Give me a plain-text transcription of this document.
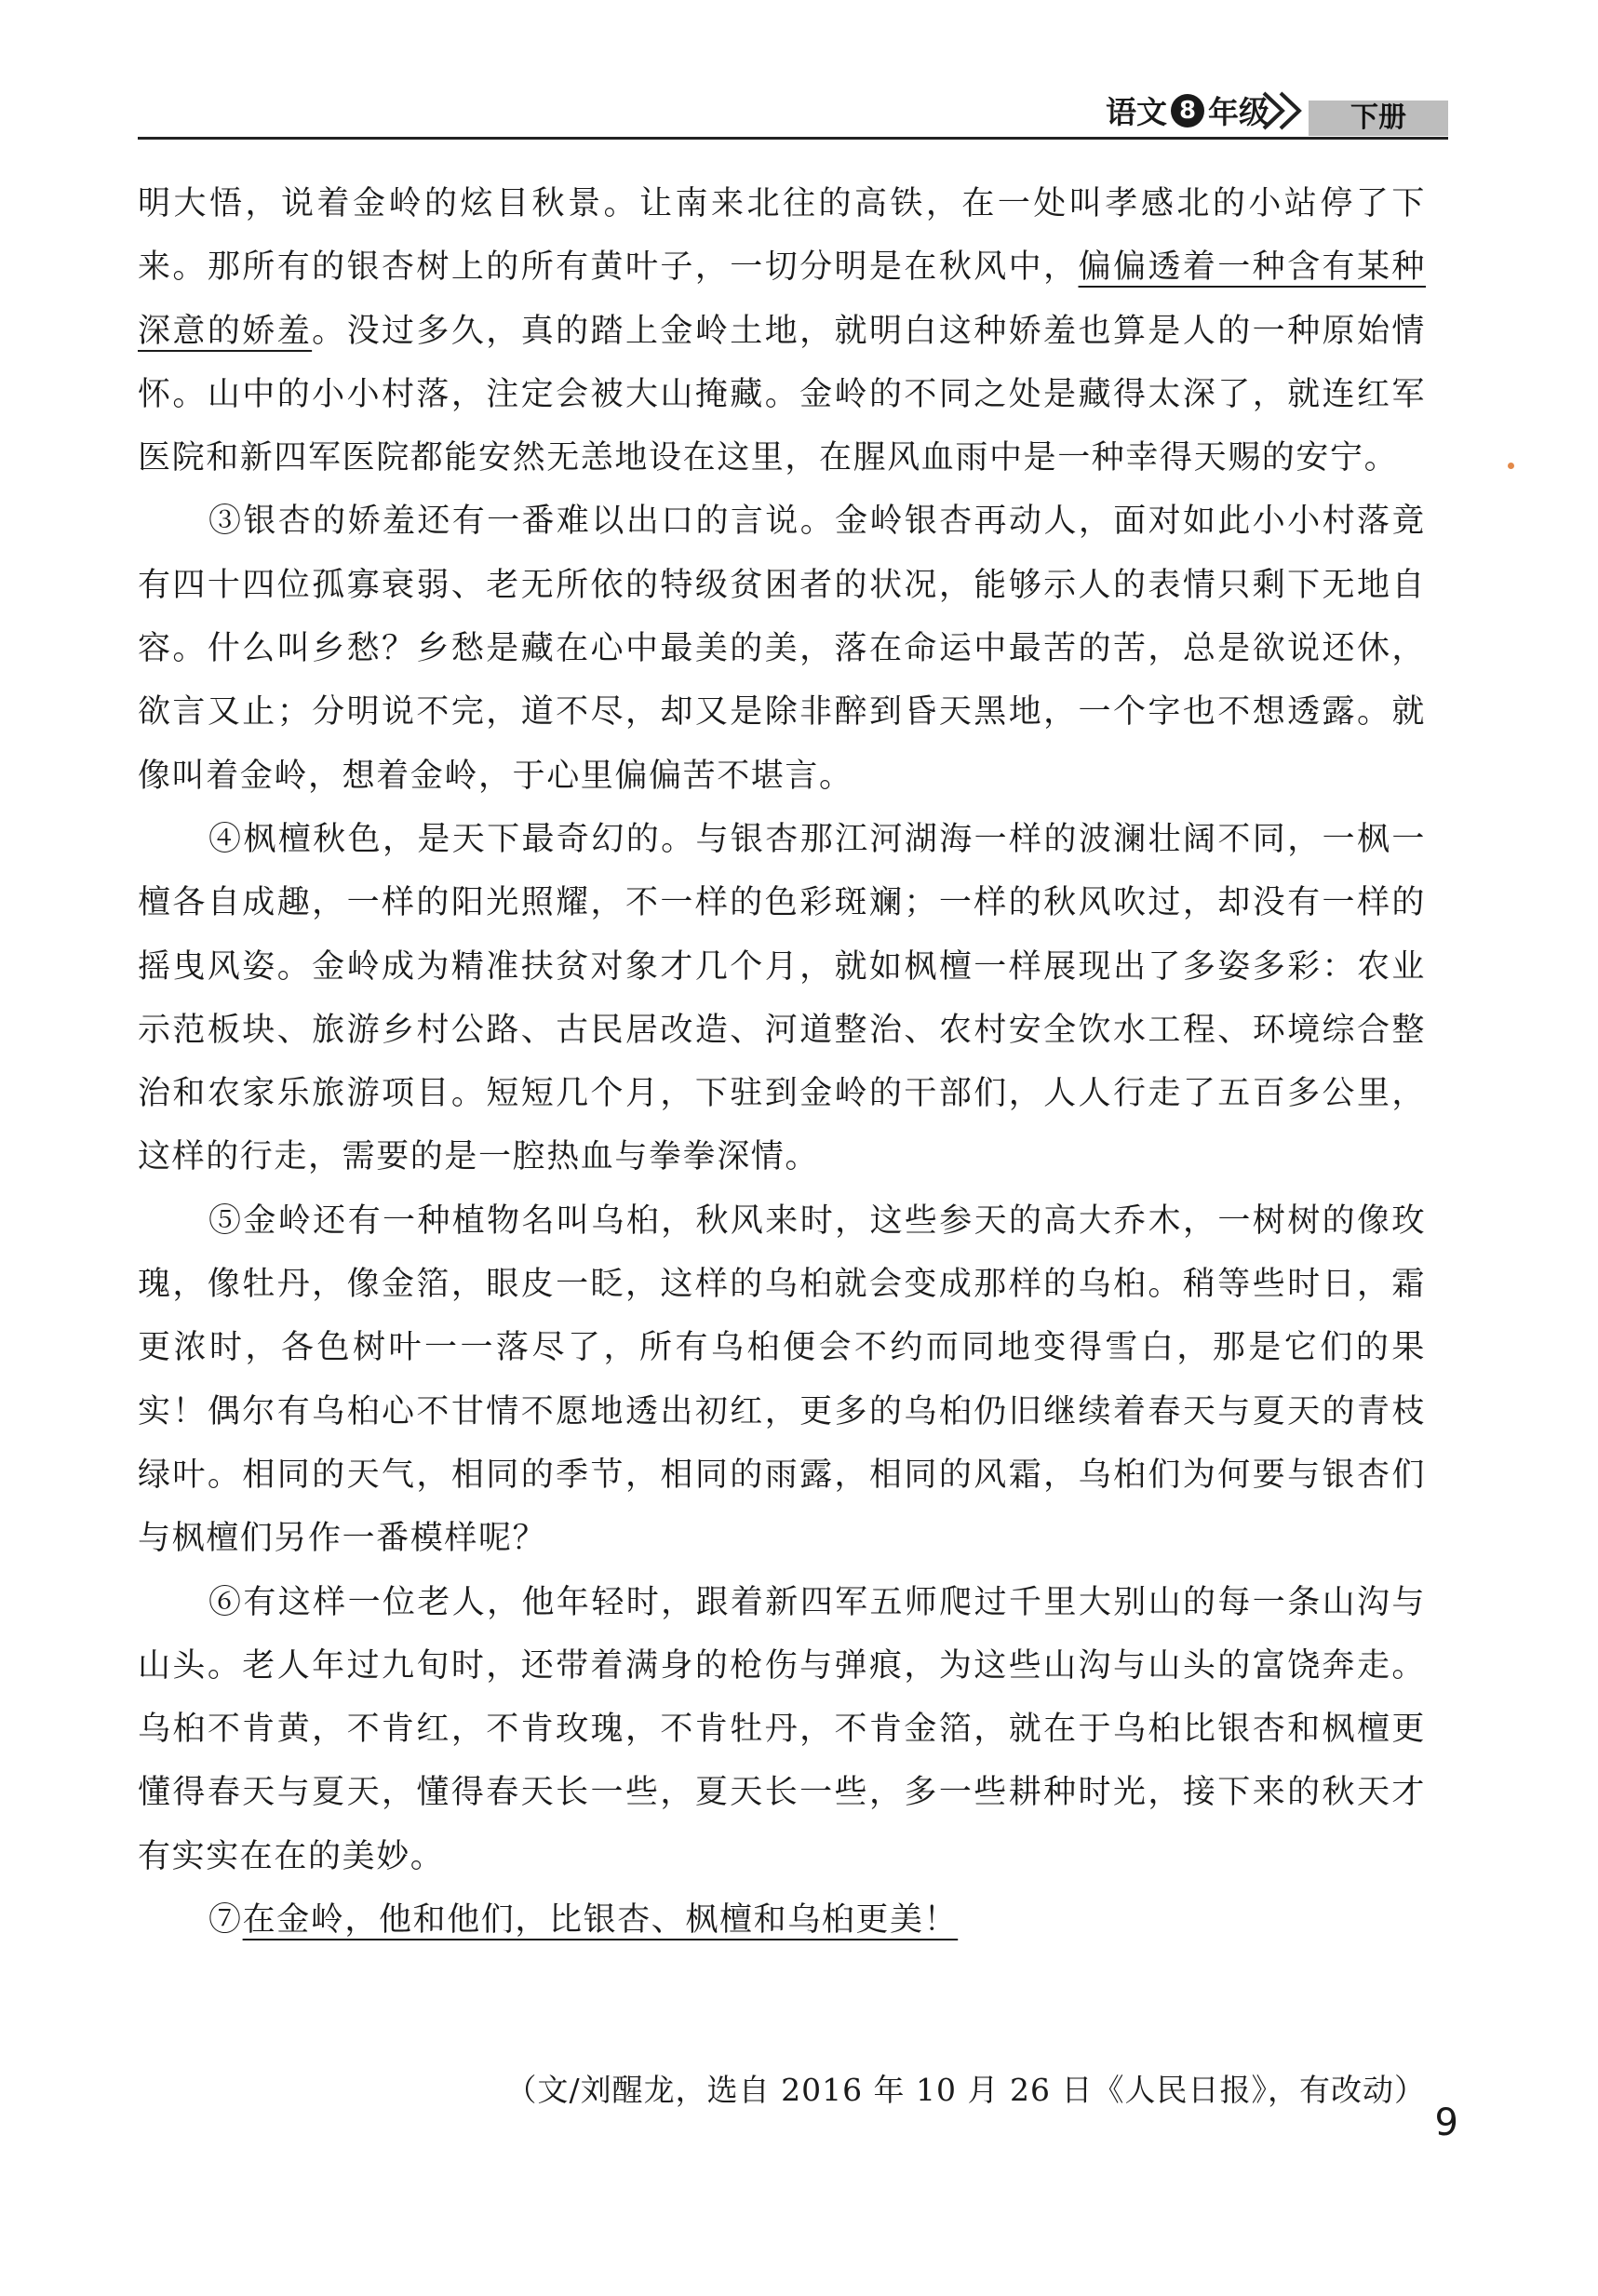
语文 8 年级	下册

明大悟，说着金岭的炫目秋景。让南来北往的高铁，在一处叫孝感北的小站停了下来。那所有的银杏树上的所有黄叶子，一切分明是在秋风中，偏偏透着一种含有某种深意的娇羞。没过多久，真的踏上金岭土地，就明白这种娇羞也算是人的一种原始情怀。山中的小小村落，注定会被大山掩藏。金岭的不同之处是藏得太深了，就连红军医院和新四军医院都能安然无恙地设在这里，在腥风血雨中是一种幸得天赐的安宁。

③银杏的娇羞还有一番难以出口的言说。金岭银杏再动人，面对如此小小村落竟有四十四位孤寡衰弱、老无所依的特级贫困者的状况，能够示人的表情只剩下无地自容。什么叫乡愁？乡愁是藏在心中最美的美，落在命运中最苦的苦，总是欲说还休，欲言又止；分明说不完，道不尽，却又是除非醉到昏天黑地，一个字也不想透露。就像叫着金岭，想着金岭，于心里偏偏苦不堪言。

④枫檀秋色，是天下最奇幻的。与银杏那江河湖海一样的波澜壮阔不同，一枫一檀各自成趣，一样的阳光照耀，不一样的色彩斑斓；一样的秋风吹过，却没有一样的摇曳风姿。金岭成为精准扶贫对象才几个月，就如枫檀一样展现出了多姿多彩：农业示范板块、旅游乡村公路、古民居改造、河道整治、农村安全饮水工程、环境综合整治和农家乐旅游项目。短短几个月，下驻到金岭的干部们，人人行走了五百多公里，这样的行走，需要的是一腔热血与拳拳深情。

⑤金岭还有一种植物名叫乌桕，秋风来时，这些参天的高大乔木，一树树的像玫瑰，像牡丹，像金箔，眼皮一眨，这样的乌桕就会变成那样的乌桕。稍等些时日，霜更浓时，各色树叶一一落尽了，所有乌桕便会不约而同地变得雪白，那是它们的果实！偶尔有乌桕心不甘情不愿地透出初红，更多的乌桕仍旧继续着春天与夏天的青枝绿叶。相同的天气，相同的季节，相同的雨露，相同的风霜，乌桕们为何要与银杏们与枫檀们另作一番模样呢？

⑥有这样一位老人，他年轻时，跟着新四军五师爬过千里大别山的每一条山沟与山头。老人年过九旬时，还带着满身的枪伤与弹痕，为这些山沟与山头的富饶奔走。乌桕不肯黄，不肯红，不肯玫瑰，不肯牡丹，不肯金箔，就在于乌桕比银杏和枫檀更懂得春天与夏天，懂得春天长一些，夏天长一些，多一些耕种时光，接下来的秋天才有实实在在的美妙。

⑦在金岭，他和他们，比银杏、枫檀和乌桕更美！

（文/刘醒龙，选自 2016 年 10 月 26 日《人民日报》，有改动）
9
